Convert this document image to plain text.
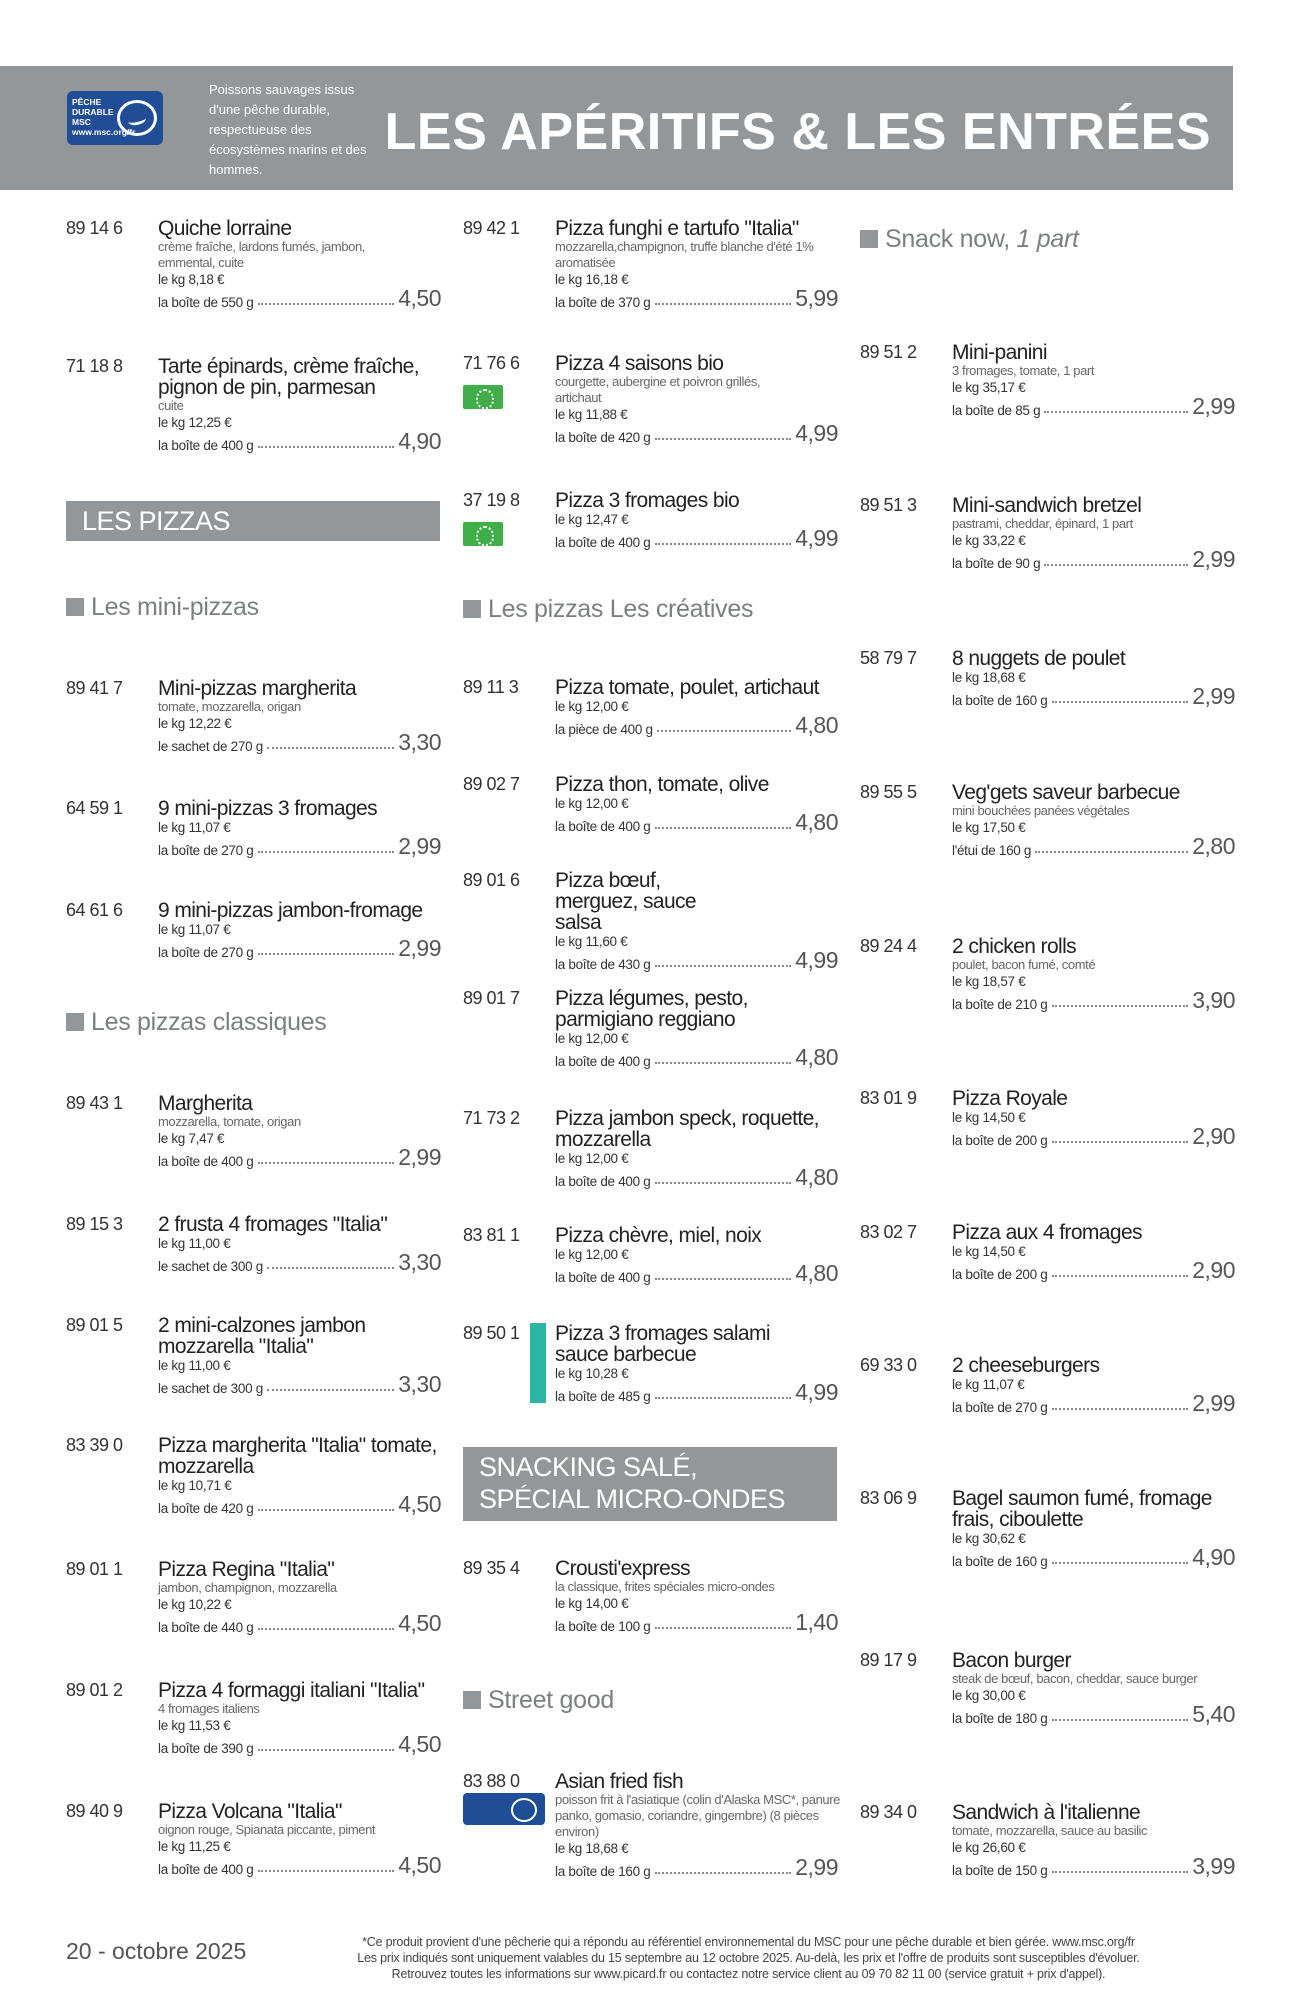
PÊCHE DURABLE MSC www.msc.org/fr
Poissons sauvages issus d'une pêche durable, respectueuse des écosystèmes marins et des hommes.
LES APÉRITIFS & LES ENTRÉES
89 14 6 Quiche lorraine
crème fraîche, lardons fumés, jambon, emmental, cuite
le kg 8,18 €
la boîte de 550 g	4,50
71 18 8 Tarte épinards, crème fraîche, pignon de pin, parmesan
cuite
le kg 12,25 €
la boîte de 400 g	4,90
LES PIZZAS
Les mini-pizzas
89 41 7 Mini-pizzas margherita
tomate, mozzarella, origan
le kg 12,22 €
le sachet de 270 g	3,30
64 59 1 9 mini-pizzas 3 fromages
le kg 11,07 €
la boîte de 270 g	2,99
64 61 6 9 mini-pizzas jambon-fromage
le kg 11,07 €
la boîte de 270 g	2,99
Les pizzas classiques
89 43 1 Margherita
mozzarella, tomate, origan
le kg 7,47 €
la boîte de 400 g	2,99
89 15 3 2 frusta 4 fromages "Italia"
le kg 11,00 €
le sachet de 300 g	3,30
89 01 5 2 mini-calzones jambon mozzarella "Italia"
le kg 11,00 €
le sachet de 300 g	3,30
83 39 0 Pizza margherita "Italia" tomate, mozzarella
le kg 10,71 €
la boîte de 420 g	4,50
89 01 1 Pizza Regina "Italia"
jambon, champignon, mozzarella
le kg 10,22 €
la boîte de 440 g	4,50
89 01 2 Pizza 4 formaggi italiani "Italia"
4 fromages italiens
le kg 11,53 €
la boîte de 390 g	4,50
89 40 9 Pizza Volcana "Italia"
oignon rouge, Spianata piccante, piment
le kg 11,25 €
la boîte de 400 g	4,50
89 42 1 Pizza funghi e tartufo "Italia"
mozzarella,champignon, truffe blanche d'été 1% aromatisée
le kg 16,18 €
la boîte de 370 g	5,99
71 76 6 Pizza 4 saisons bio
courgette, aubergine et poivron grillés, artichaut
le kg 11,88 €
la boîte de 420 g	4,99
37 19 8 Pizza 3 fromages bio
le kg 12,47 €
la boîte de 400 g	4,99
Les pizzas Les créatives
89 11 3 Pizza tomate, poulet, artichaut
le kg 12,00 €
la pièce de 400 g	4,80
89 02 7 Pizza thon, tomate, olive
le kg 12,00 €
la boîte de 400 g	4,80
89 01 6 Pizza bœuf, merguez, sauce salsa
le kg 11,60 €
la boîte de 430 g	4,99
89 01 7 Pizza légumes, pesto, parmigiano reggiano
le kg 12,00 €
la boîte de 400 g	4,80
71 73 2 Pizza jambon speck, roquette, mozzarella
le kg 12,00 €
la boîte de 400 g	4,80
83 81 1 Pizza chèvre, miel, noix
le kg 12,00 €
la boîte de 400 g	4,80
89 50 1 Pizza 3 fromages salami sauce barbecue
le kg 10,28 €
la boîte de 485 g	4,99
SNACKING SALÉ,
SPÉCIAL MICRO-ONDES
89 35 4 Crousti'express
la classique, frites spéciales micro-ondes
le kg 14,00 €
la boîte de 100 g	1,40
Street good
83 88 0 Asian fried fish
poisson frit à l'asiatique (colin d'Alaska MSC*, panure panko, gomasio, coriandre, gingembre) (8 pièces environ)
le kg 18,68 €
la boîte de 160 g	2,99
Snack now, 1 part
89 51 2 Mini-panini
3 fromages, tomate, 1 part
le kg 35,17 €
la boîte de 85 g	2,99
89 51 3 Mini-sandwich bretzel
pastrami, cheddar, épinard, 1 part
le kg 33,22 €
la boîte de 90 g	2,99
58 79 7 8 nuggets de poulet
le kg 18,68 €
la boîte de 160 g	2,99
89 55 5 Veg'gets saveur barbecue
mini bouchées panées végétales
le kg 17,50 €
l'étui de 160 g	2,80
89 24 4 2 chicken rolls
poulet, bacon fumé, comté
le kg 18,57 €
la boîte de 210 g	3,90
83 01 9 Pizza Royale
le kg 14,50 €
la boîte de 200 g	2,90
83 02 7 Pizza aux 4 fromages
le kg 14,50 €
la boîte de 200 g	2,90
69 33 0 2 cheeseburgers
le kg 11,07 €
la boîte de 270 g	2,99
83 06 9 Bagel saumon fumé, fromage frais, ciboulette
le kg 30,62 €
la boîte de 160 g	4,90
89 17 9 Bacon burger
steak de bœuf, bacon, cheddar, sauce burger
le kg 30,00 €
la boîte de 180 g	5,40
89 34 0 Sandwich à l'italienne
tomate, mozzarella, sauce au basilic
le kg 26,60 €
la boîte de 150 g	3,99
20 - octobre 2025	*Ce produit provient d'une pêcherie qui a répondu au référentiel environnemental du MSC pour une pêche durable et bien gérée. www.msc.org/fr
Les prix indiqués sont uniquement valables du 15 septembre au 12 octobre 2025. Au-delà, les prix et l'offre de produits sont susceptibles d'évoluer.
Retrouvez toutes les informations sur www.picard.fr ou contactez notre service client au 09 70 82 11 00 (service gratuit + prix d'appel).
